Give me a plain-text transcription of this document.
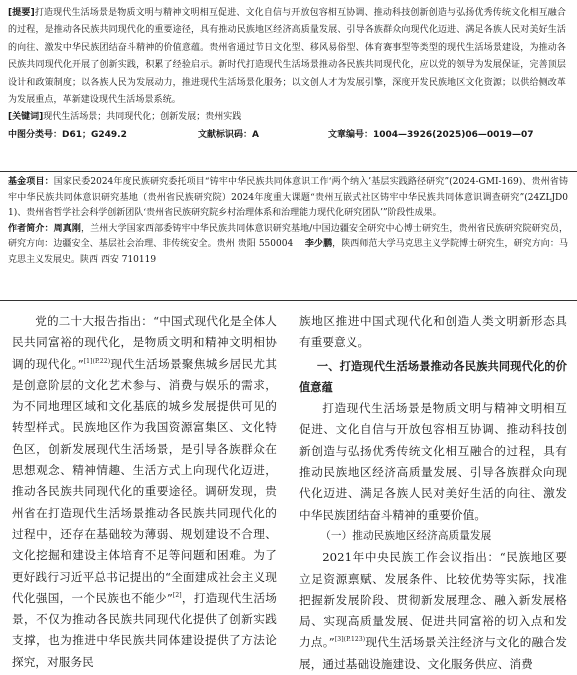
[提要]打造现代生活场景是物质文明与精神文明相互促进、文化自信与开放包容相互协调、推动科技创新创造与弘扬优秀传统文化相互融合的过程，是推动各民族共同现代化的重要途径，具有推动民族地区经济高质量发展、引导各族群众向现代化迈进、满足各族人民对美好生活的向往、激发中华民族团结奋斗精神的价值意蕴。贵州省通过节日文化型、移风易俗型、体育赛事型等类型的现代生活场景建设，为推动各民族共同现代化开展了创新实践，积累了经验启示。新时代打造现代生活场景推动各民族共同现代化，应以党的领导为发展保证，完善顶层设计和政策制度；以各族人民为发展动力，推进现代生活场景化服务；以文创人才为发展引擎，深度开发民族地区文化资源；以供给侧改革为发展重点，革新建设现代生活场景系统。
[关键词]现代生活场景；共同现代化；创新发展；贵州实践
中图分类号：D61；G249.2	文献标识码：A	文章编号：1004—3926(2025)06—0019—07

基金项目：国家民委2024年度民族研究委托项目“铸牢中华民族共同体意识工作‘两个纳入’基层实践路径研究”(2024-GMI-169)、贵州省铸牢中华民族共同体意识研究基地（贵州省民族研究院）2024年度重大课题“贵州互嵌式社区铸牢中华民族共同体意识调查研究”(24ZLJD01)、贵州省哲学社会科学创新团队‘贵州省民族研究院乡村治理体系和治理能力现代化研究团队’”阶段性成果。

作者简介：周真刚，兰州大学国家西部委铸牢中华民族共同体意识研究基地/中国边疆安全研究中心博士研究生，贵州省民族研究院研究员，研究方向：边疆安全、基层社会治理、非传统安全。贵州 贵阳 550004 李少鹏，陕西师范大学马克思主义学院博士研究生，研究方向：马克思主义发展史。陕西 西安 710119

党的二十大报告指出：“中国式现代化是全体人民共同富裕的现代化，是物质文明和精神文明相协调的现代化。”$^{[1](P.22)}$现代生活场景聚焦城乡居民尤其是创意阶层的文化艺术参与、消费与娱乐的需求，为不同地理区域和文化基底的城乡发展提供可见的转型样式。民族地区作为我国资源富集区、文化特色区，创新发展现代生活场景，是引导各族群众在思想观念、精神情趣、生活方式上向现代化迈进，推动各民族共同现代化的重要途径。调研发现，贵州省在打造现代生活场景推动各民族共同现代化的过程中，还存在基础较为薄弱、规划建设不合理、文化挖掘和建设主体培育不足等问题和困难。为了更好践行习近平总书记提出的“全面建成社会主义现代化强国，一个民族也不能少”[2]，打造现代生活场景，不仅为推动各民族共同现代化提供了创新实践支撑，也为推进中华民族共同体建设提供了方法论探究，对服务民

族地区推进中国式现代化和创造人类文明新形态具有重要意义。

一、打造现代生活场景推动各民族共同现代化的价值意蕴

打造现代生活场景是物质文明与精神文明相互促进、文化自信与开放包容相互协调、推动科技创新创造与弘扬优秀传统文化相互融合的过程，具有推动民族地区经济高质量发展、引导各族群众向现代化迈进、满足各族人民对美好生活的向往、激发中华民族团结奋斗精神的重要价值。

（一）推动民族地区经济高质量发展

2021年中央民族工作会议指出：“民族地区要立足资源禀赋、发展条件、比较优势等实际，找准把握新发展阶段、贯彻新发展理念、融入新发展格局、实现高质量发展、促进共同富裕的切入点和发力点。”$^{[3](P.123)}$现代生活场景关注经济与文化的融合发展，通过基础设施建设、文化服务供应、消费
